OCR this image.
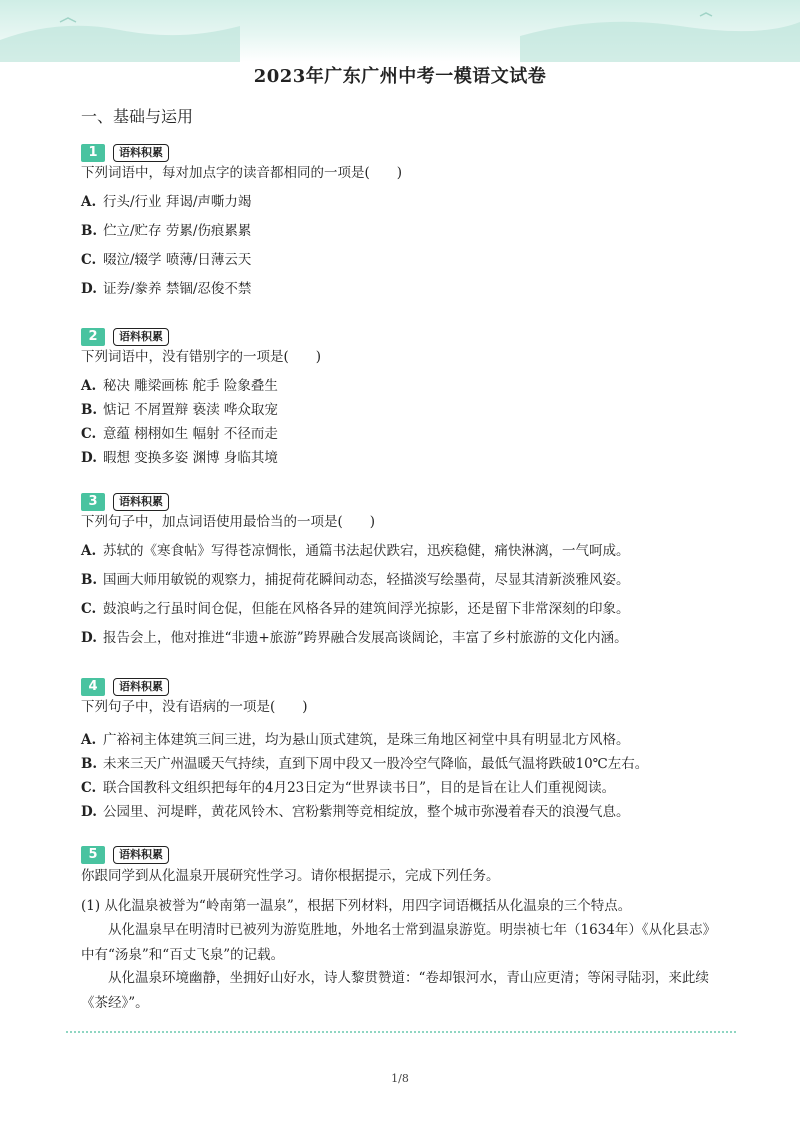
2023年广东广州中考一模语文试卷
一、基础与运用
1	语料积累
下列词语中，每对加点字的读音都相同的一项是(　　)
A. 行头/行业 拜谒/声嘶力竭
B. 伫立/贮存 劳累/伤痕累累
C. 啜泣/辍学 喷薄/日薄云天
D. 证券/豢养 禁锢/忍俊不禁
2	语料积累
下列词语中，没有错别字的一项是(　　)
A. 秘决 雕梁画栋 舵手 险象叠生
B. 惦记 不屑置辩 亵渎 哗众取宠
C. 意蕴 栩栩如生 幅射 不径而走
D. 暇想 变换多姿 渊博 身临其境
3	语料积累
下列句子中，加点词语使用最恰当的一项是(　　)
A. 苏轼的《寒食帖》写得苍凉惆怅，通篇书法起伏跌宕，迅疾稳健，痛快淋漓，一气呵成。
B. 国画大师用敏锐的观察力，捕捉荷花瞬间动态，轻描淡写绘墨荷，尽显其清新淡雅风姿。
C. 鼓浪屿之行虽时间仓促，但能在风格各异的建筑间浮光掠影，还是留下非常深刻的印象。
D. 报告会上，他对推进“非遗+旅游”跨界融合发展高谈阔论，丰富了乡村旅游的文化内涵。
4	语料积累
下列句子中，没有语病的一项是(　　)
A. 广裕祠主体建筑三间三进，均为悬山顶式建筑，是珠三角地区祠堂中具有明显北方风格。
B. 未来三天广州温暖天气持续，直到下周中段又一股冷空气降临，最低气温将跌破10℃左右。
C. 联合国教科文组织把每年的4月23日定为“世界读书日”，目的是旨在让人们重视阅读。
D. 公园里、河堤畔，黄花风铃木、宫粉紫荆等竞相绽放，整个城市弥漫着春天的浪漫气息。
5	语料积累
你跟同学到从化温泉开展研究性学习。请你根据提示，完成下列任务。
(1) 从化温泉被誉为“岭南第一温泉”，根据下列材料，用四字词语概括从化温泉的三个特点。
从化温泉早在明清时已被列为游览胜地，外地名士常到温泉游览。明崇祯七年（1634年）《从化县志》中有“汤泉”和“百丈飞泉”的记载。
从化温泉环境幽静，坐拥好山好水，诗人黎贯赞道：“卷却银河水，青山应更清；等闲寻陆羽，来此续《茶经》”。
1/8
